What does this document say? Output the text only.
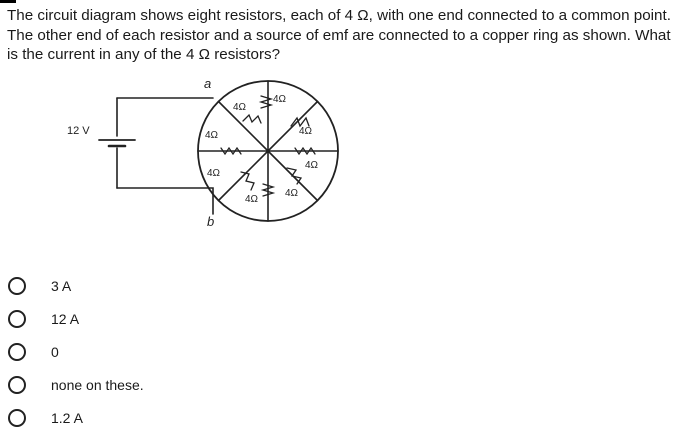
The circuit diagram shows eight resistors, each of 4 Ω, with one end connected to a common point. The other end of each resistor and a source of emf are connected to a copper ring as shown. What is the current in any of the 4 Ω resistors?

12 V
a
b
4Ω
4Ω
4Ω
4Ω
4Ω
4Ω
4Ω
4Ω
3 A
12 A
0
none on these.
1.2 A
